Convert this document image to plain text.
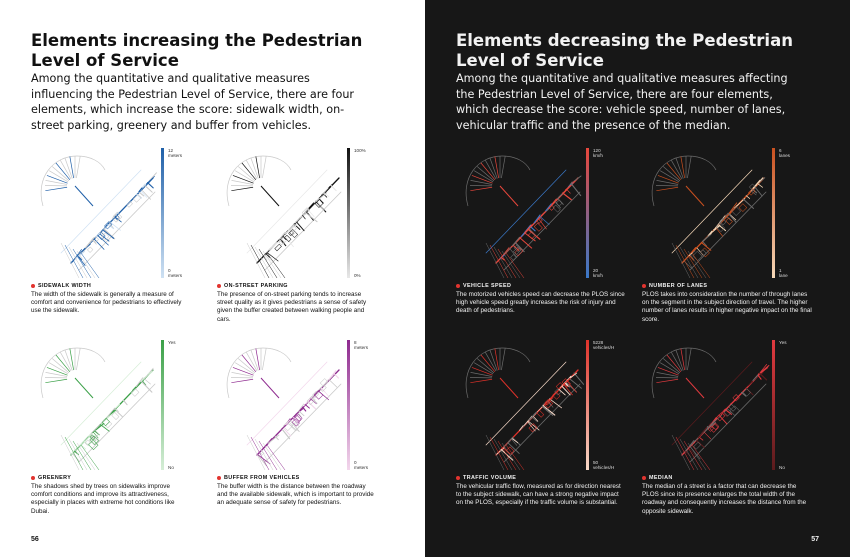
Elements increasing the Pedestrian Level of Service

Among the quantitative and qualitative measures influencing the Pedestrian Level of Service, there are four elements, which increase the score: sidewalk width, on-street parking, greenery and buffer from vehicles.

12
meters
0
meters
SIDEWALK WIDTH

The width of the sidewalk is generally a measure of comfort and convenience for pedestrians to effectively use the sidewalk.

100%
0%
ON-STREET PARKING

The presence of on-street parking tends to increase street quality as it gives pedestrians a sense of safety given the buffer created between walking people and cars.

Yes
No
GREENERY

The shadows shed by trees on sidewalks improve comfort conditions and improve its attractiveness, especially in places with extreme hot conditions like Dubai.

8
meters
0
meters
BUFFER FROM VEHICLES

The buffer width is the distance between the roadway and the available sidewalk, which is important to provide an adequate sense of safety for pedestrians.

56
Elements decreasing the Pedestrian Level of Service

Among the quantitative and qualitative measures affecting the Pedestrian Level of Service, there are four elements, which decrease the score: vehicle speed, number of lanes, vehicular traffic and the presence of the median.

120
km/h
20
km/h
VEHICLE SPEED

The motorized vehicles speed can decrease the PLOS since high vehicle speed greatly increases the risk of injury and death of pedestrians.

6
lanes
1
lane
NUMBER OF LANES

PLOS takes into consideration the number of through lanes on the segment in the subject direction of travel. The higher number of lanes results in higher negative impact on the final score.

5228
vehicles/H
50
vehicles/H
TRAFFIC VOLUME

The vehicular traffic flow, measured as for direction nearest to the subject sidewalk, can have a strong negative impact on the PLOS, especially if the traffic volume is substantial.

Yes
No
MEDIAN

The median of a street is a factor that can decrease the PLOS since its presence enlarges the total width of the roadway and consequently increases the distance from the opposite sidewalk.

57
